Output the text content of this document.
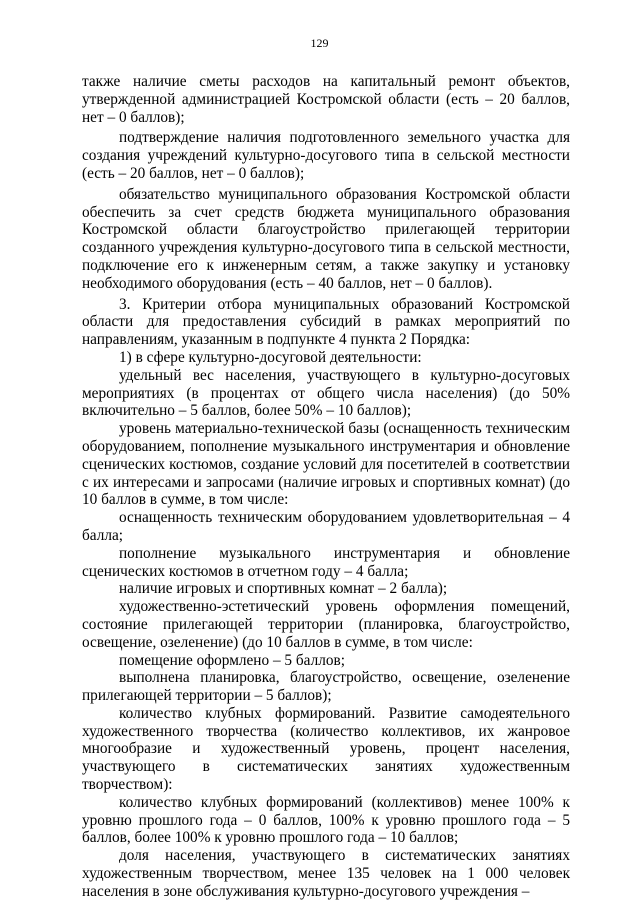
129

также наличие сметы расходов на капитальный ремонт объектов, утвержденной администрацией Костромской области (есть – 20 баллов, нет – 0 баллов);

подтверждение наличия подготовленного земельного участка для создания учреждений культурно-досугового типа в сельской местности (есть – 20 баллов, нет – 0 баллов);

обязательство муниципального образования Костромской области обеспечить за счет средств бюджета муниципального образования Костромской области благоустройство прилегающей территории созданного учреждения культурно-досугового типа в сельской местности, подключение его к инженерным сетям, а также закупку и установку необходимого оборудования (есть – 40 баллов, нет – 0 баллов).

3. Критерии отбора муниципальных образований Костромской области для предоставления субсидий в рамках мероприятий по направлениям, указанным в подпункте 4 пункта 2 Порядка:

1) в сфере культурно-досуговой деятельности:

удельный вес населения, участвующего в культурно-досуговых мероприятиях (в процентах от общего числа населения) (до 50% включительно – 5 баллов, более 50% – 10 баллов);

уровень материально-технической базы (оснащенность техническим оборудованием, пополнение музыкального инструментария и обновление сценических костюмов, создание условий для посетителей в соответствии с их интересами и запросами (наличие игровых и спортивных комнат) (до 10 баллов в сумме, в том числе:

оснащенность техническим оборудованием удовлетворительная – 4 балла;

пополнение музыкального инструментария и обновление сценических костюмов в отчетном году – 4 балла;

наличие игровых и спортивных комнат – 2 балла);

художественно-эстетический уровень оформления помещений, состояние прилегающей территории (планировка, благоустройство, освещение, озеленение) (до 10 баллов в сумме, в том числе:

помещение оформлено – 5 баллов;

выполнена планировка, благоустройство, освещение, озеленение прилегающей территории – 5 баллов);

количество клубных формирований. Развитие самодеятельного художественного творчества (количество коллективов, их жанровое многообразие и художественный уровень, процент населения, участвующего в систематических занятиях художественным творчеством):

количество клубных формирований (коллективов) менее 100% к уровню прошлого года – 0 баллов, 100% к уровню прошлого года – 5 баллов, более 100% к уровню прошлого года – 10 баллов;

доля населения, участвующего в систематических занятиях художественным творчеством, менее 135 человек на 1 000 человек населения в зоне обслуживания культурно-досугового учреждения –
